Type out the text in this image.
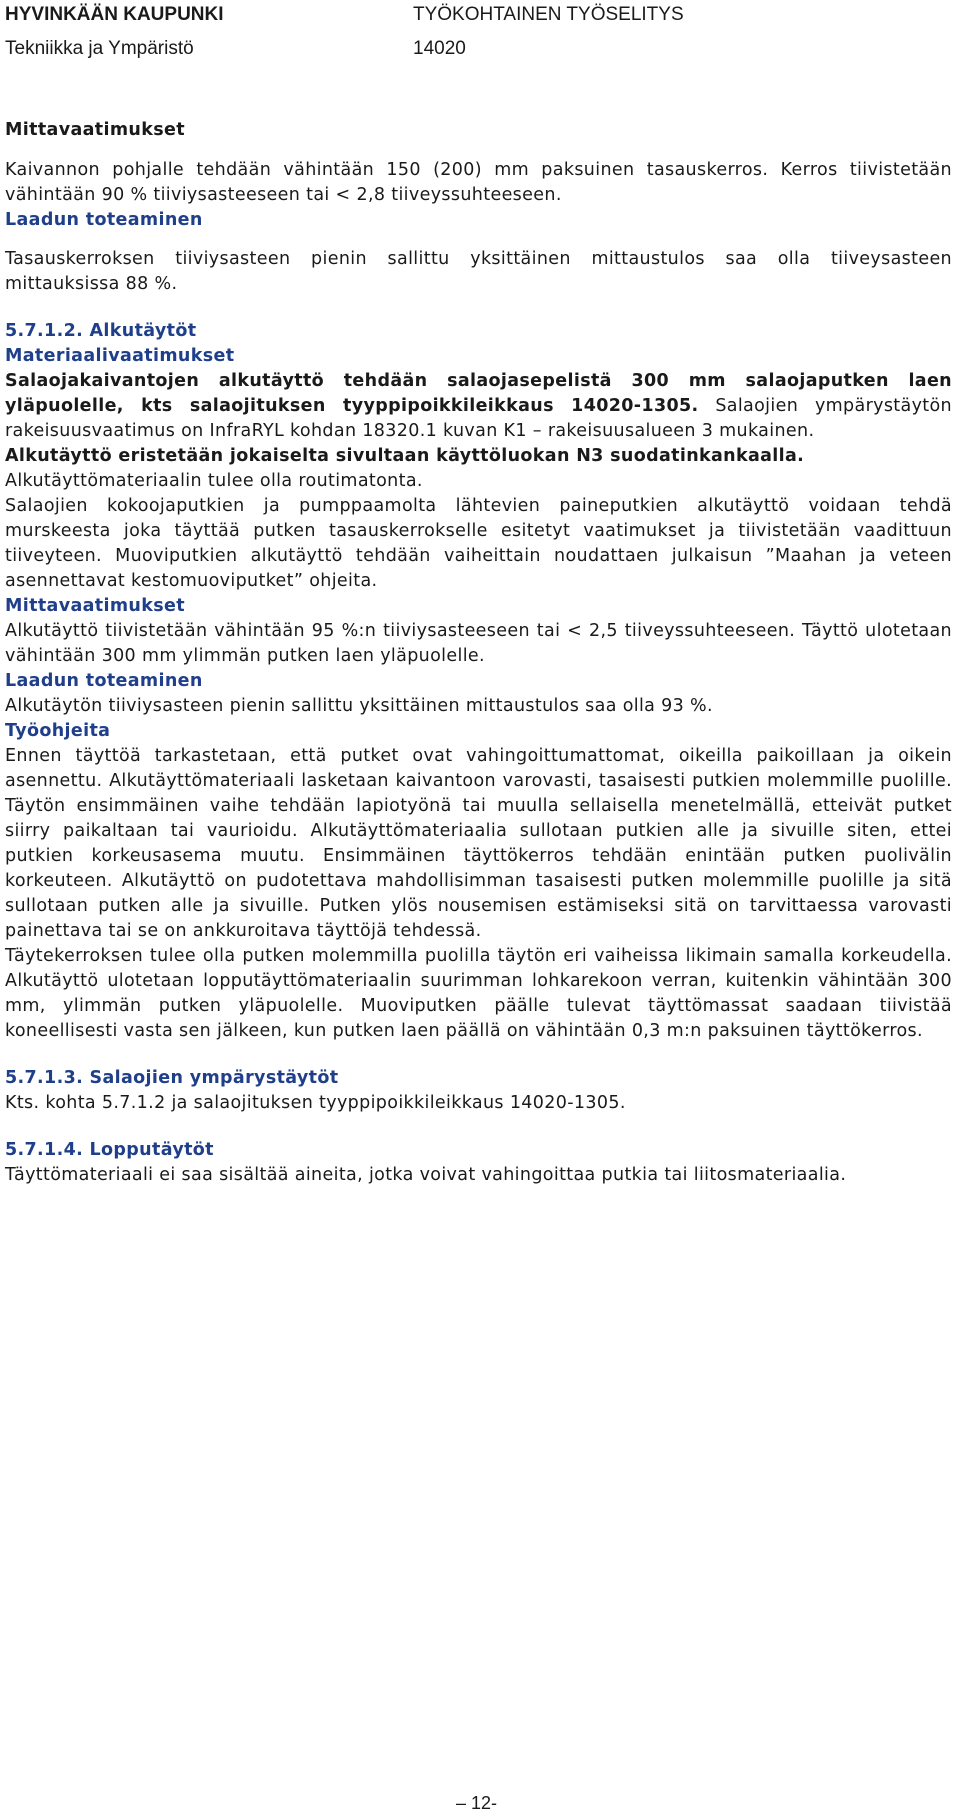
HYVINKÄÄN KAUPUNKI
Tekniikka ja Ympäristö
TYÖKOHTAINEN TYÖSELITYS
14020

Mittavaatimukset

Kaivannon pohjalle tehdään vähintään 150 (200) mm paksuinen tasauskerros. Kerros tiivistetään vähintään 90 % tiiviysasteeseen tai < 2,8 tiiveyssuhteeseen.

Laadun toteaminen

Tasauskerroksen tiiviysasteen pienin sallittu yksittäinen mittaustulos saa olla tiiveysasteen mittauksissa 88 %.

5.7.1.2. Alkutäytöt

Materiaalivaatimukset

Salaojakaivantojen alkutäyttö tehdään salaojasepelistä 300 mm salaojaputken laen yläpuolelle, kts salaojituksen tyyppipoikkileikkaus 14020-1305. Salaojien ympärystäytön rakeisuusvaatimus on InfraRYL kohdan 18320.1 kuvan K1 – rakeisuusalueen 3 mukainen.

Alkutäyttö eristetään jokaiselta sivultaan käyttöluokan N3 suodatinkankaalla.

Alkutäyttömateriaalin tulee olla routimatonta.

Salaojien kokoojaputkien ja pumppaamolta lähtevien paineputkien alkutäyttö voidaan tehdä murskeesta joka täyttää putken tasauskerrokselle esitetyt vaatimukset ja tiivistetään vaadittuun tiiveyteen. Muoviputkien alkutäyttö tehdään vaiheittain noudattaen julkaisun ”Maahan ja veteen asennettavat kestomuoviputket” ohjeita.

Mittavaatimukset

Alkutäyttö tiivistetään vähintään 95 %:n tiiviysasteeseen tai < 2,5 tiiveyssuhteeseen. Täyttö ulotetaan vähintään 300 mm ylimmän putken laen yläpuolelle.

Laadun toteaminen

Alkutäytön tiiviysasteen pienin sallittu yksittäinen mittaustulos saa olla 93 %.

Työohjeita

Ennen täyttöä tarkastetaan, että putket ovat vahingoittumattomat, oikeilla paikoillaan ja oikein asennettu. Alkutäyttömateriaali lasketaan kaivantoon varovasti, tasaisesti putkien molemmille puolille. Täytön ensimmäinen vaihe tehdään lapiotyönä tai muulla sellaisella menetelmällä, etteivät putket siirry paikaltaan tai vaurioidu. Alkutäyttömateriaalia sullotaan putkien alle ja sivuille siten, ettei putkien korkeusasema muutu. Ensimmäinen täyttökerros tehdään enintään putken puolivälin korkeuteen. Alkutäyttö on pudotettava mahdollisimman tasaisesti putken molemmille puolille ja sitä sullotaan putken alle ja sivuille. Putken ylös nousemisen estämiseksi sitä on tarvittaessa varovasti painettava tai se on ankkuroitava täyttöjä tehdessä.

Täytekerroksen tulee olla putken molemmilla puolilla täytön eri vaiheissa likimain samalla korkeudella. Alkutäyttö ulotetaan lopputäyttömateriaalin suurimman lohkarekoon verran, kuitenkin vähintään 300 mm, ylimmän putken yläpuolelle. Muoviputken päälle tulevat täyttömassat saadaan tiivistää koneellisesti vasta sen jälkeen, kun putken laen päällä on vähintään 0,3 m:n paksuinen täyttökerros.

5.7.1.3. Salaojien ympärystäytöt

Kts. kohta 5.7.1.2 ja salaojituksen tyyppipoikkileikkaus 14020-1305.

5.7.1.4. Lopputäytöt

Täyttömateriaali ei saa sisältää aineita, jotka voivat vahingoittaa putkia tai liitosmateriaalia.

– 12-
